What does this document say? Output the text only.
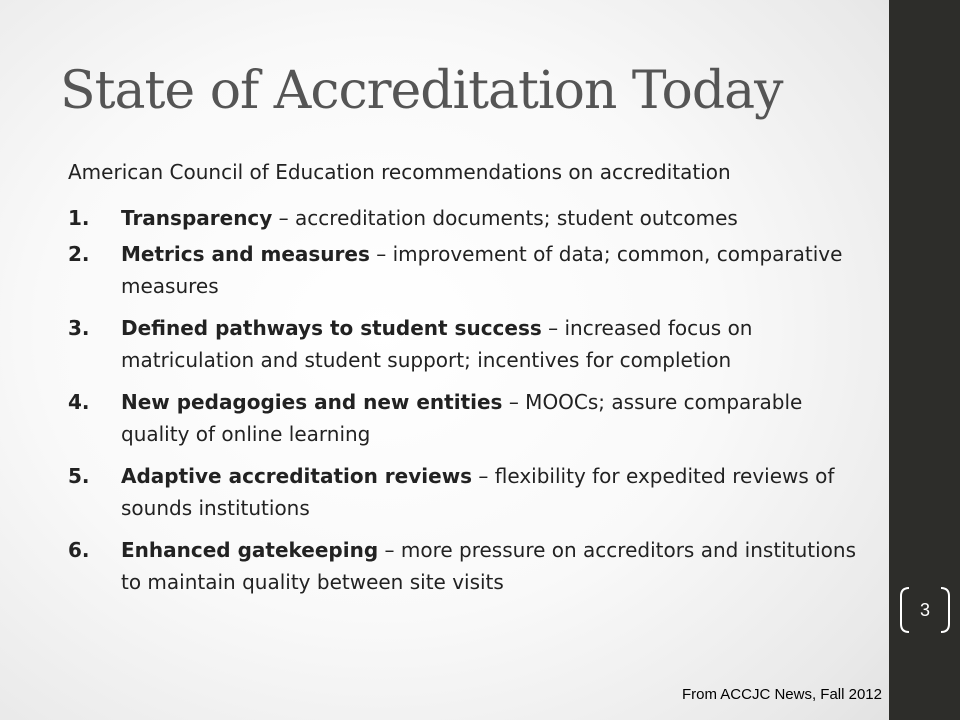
State of Accreditation Today
American Council of Education recommendations on accreditation
1.	Transparency – accreditation documents; student outcomes
2.	Metrics and measures – improvement of data; common, comparative measures
3.	Defined pathways to student success – increased focus on matriculation and student support; incentives for completion
4.	New pedagogies and new entities – MOOCs; assure comparable quality of online learning
5.	Adaptive accreditation reviews – flexibility for expedited reviews of sounds institutions
6.	Enhanced gatekeeping – more pressure on accreditors and institutions to maintain quality between site visits
3
From ACCJC News, Fall 2012
